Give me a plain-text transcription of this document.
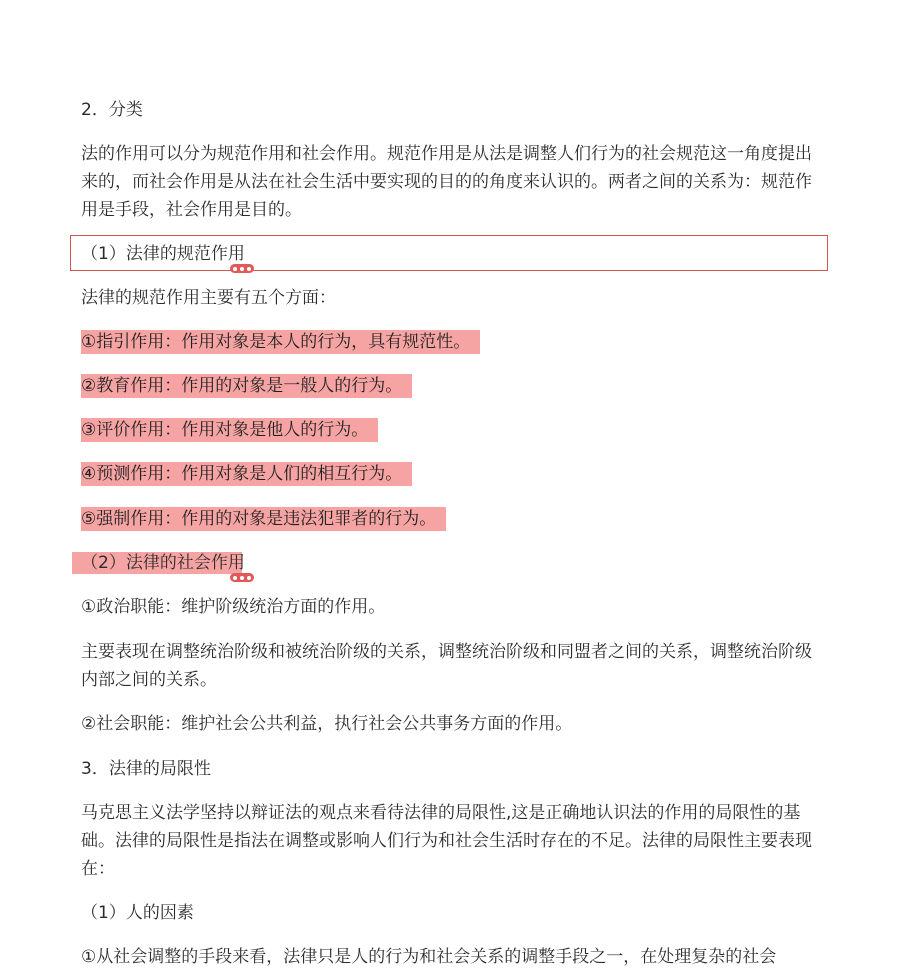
2．分类

法的作用可以分为规范作用和社会作用。规范作用是从法是调整人们行为的社会规范这一角度提出来的，而社会作用是从法在社会生活中要实现的目的的角度来认识的。两者之间的关系为：规范作用是手段，社会作用是目的。

（1）法律的规范作用

法律的规范作用主要有五个方面：

①指引作用：作用对象是本人的行为，具有规范性。

②教育作用：作用的对象是一般人的行为。

③评价作用：作用对象是他人的行为。

④预测作用：作用对象是人们的相互行为。

⑤强制作用：作用的对象是违法犯罪者的行为。

（2）法律的社会作用

①政治职能：维护阶级统治方面的作用。

主要表现在调整统治阶级和被统治阶级的关系，调整统治阶级和同盟者之间的关系，调整统治阶级内部之间的关系。

②社会职能：维护社会公共利益，执行社会公共事务方面的作用。

3．法律的局限性

马克思主义法学坚持以辩证法的观点来看待法律的局限性,这是正确地认识法的作用的局限性的基础。法律的局限性是指法在调整或影响人们行为和社会生活时存在的不足。法律的局限性主要表现在：

（1）人的因素

①从社会调整的手段来看，法律只是人的行为和社会关系的调整手段之一，在处理复杂的社会
